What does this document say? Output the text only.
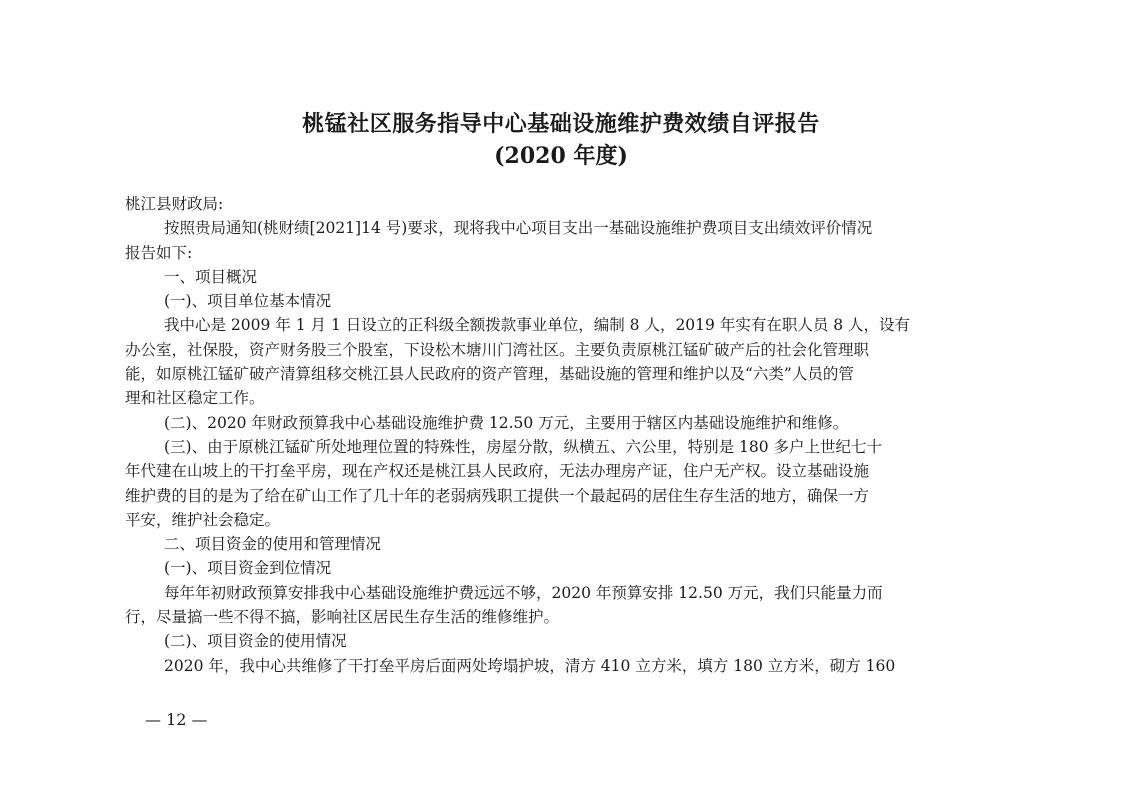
桃锰社区服务指导中心基础设施维护费效绩自评报告
(2020 年度)
桃江县财政局:
按照贵局通知(桃财绩[2021]14 号)要求，现将我中心项目支出一基础设施维护费项目支出绩效评价情况
报告如下:
一、项目概况
(一)、项目单位基本情况
我中心是 2009 年 1 月 1 日设立的正科级全额拨款事业单位，编制 8 人，2019 年实有在职人员 8 人，设有
办公室，社保股，资产财务股三个股室，下设松木塘川门湾社区。主要负责原桃江锰矿破产后的社会化管理职
能，如原桃江锰矿破产清算组移交桃江县人民政府的资产管理，基础设施的管理和维护以及“六类”人员的管
理和社区稳定工作。
(二)、2020 年财政预算我中心基础设施维护费 12.50 万元，主要用于辖区内基础设施维护和维修。
(三)、由于原桃江锰矿所处地理位置的特殊性，房屋分散，纵横五、六公里，特别是 180 多户上世纪七十
年代建在山坡上的干打垒平房，现在产权还是桃江县人民政府，无法办理房产证，住户无产权。设立基础设施
维护费的目的是为了给在矿山工作了几十年的老弱病残职工提供一个最起码的居住生存生活的地方，确保一方
平安，维护社会稳定。
二、项目资金的使用和管理情况
(一)、项目资金到位情况
每年年初财政预算安排我中心基础设施维护费远远不够，2020 年预算安排 12.50 万元，我们只能量力而
行，尽量搞一些不得不搞，影响社区居民生存生活的维修维护。
(二)、项目资金的使用情况
2020 年，我中心共维修了干打垒平房后面两处垮塌护坡，清方 410 立方米，填方 180 立方米，砌方 160
— 12 —
